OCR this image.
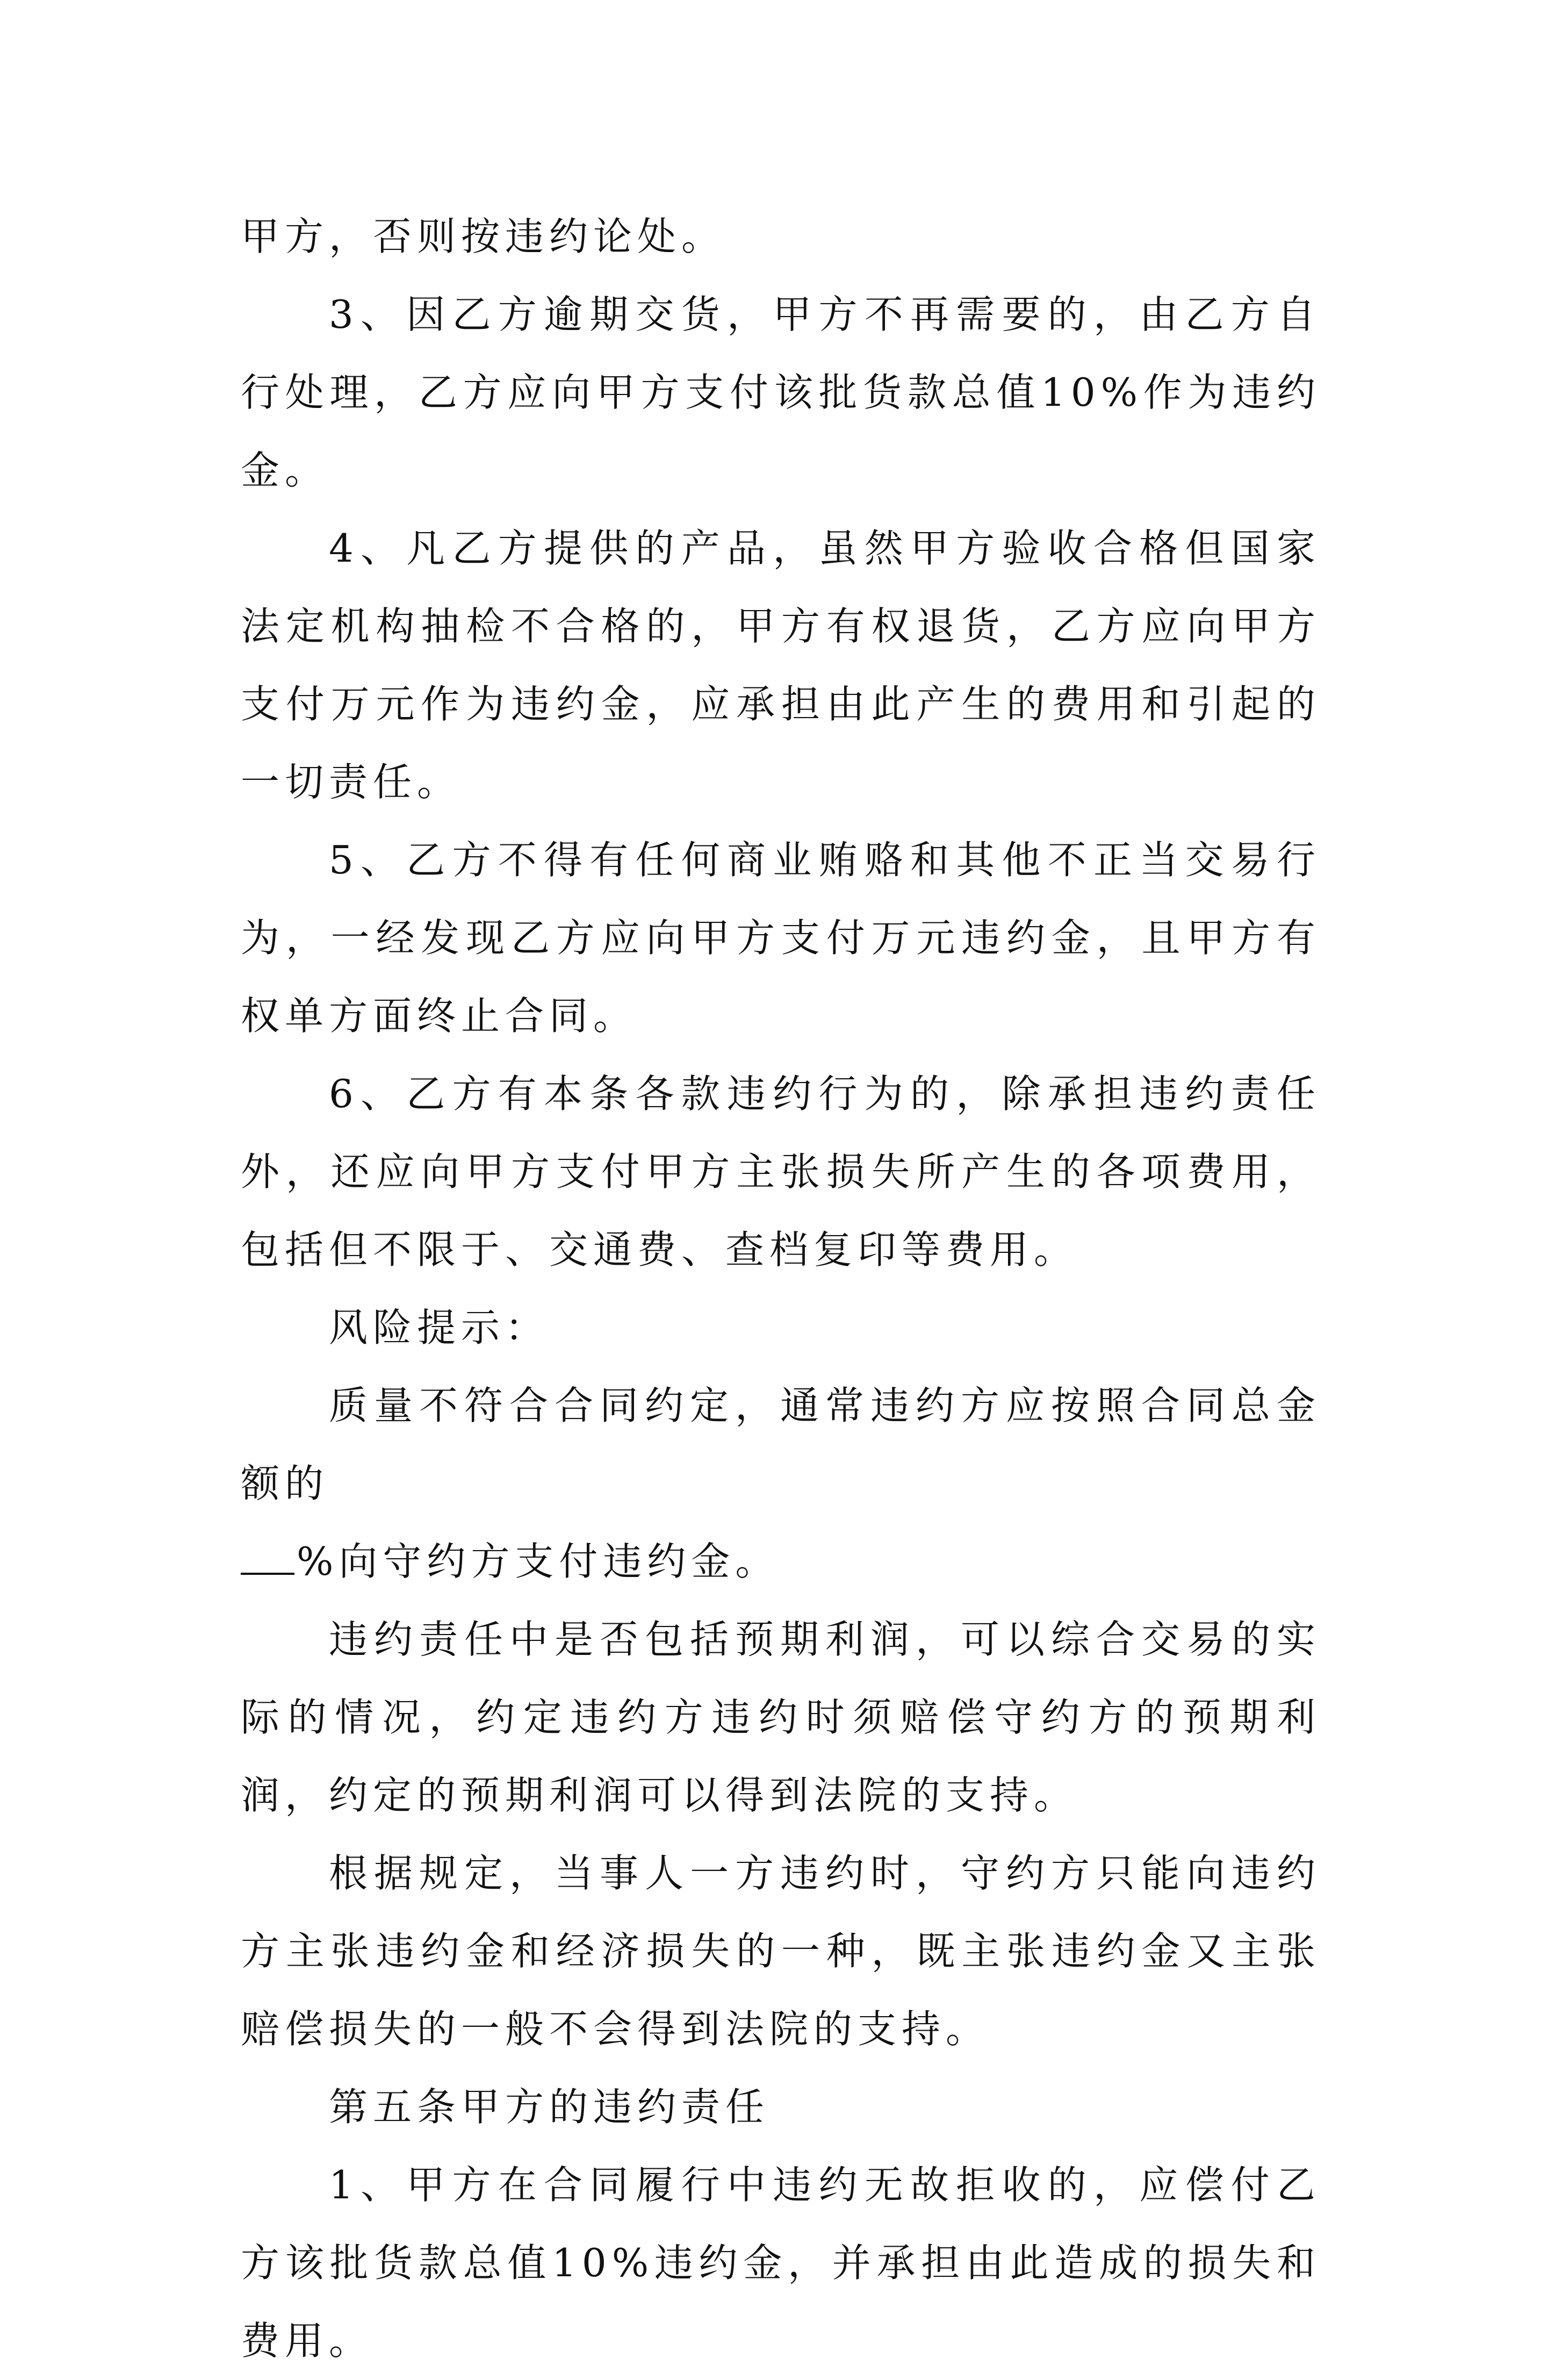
甲方，否则按违约论处。

3、因乙方逾期交货，甲方不再需要的，由乙方自行处理，乙方应向甲方支付该批货款总值10%作为违约金。

4、凡乙方提供的产品，虽然甲方验收合格但国家法定机构抽检不合格的，甲方有权退货，乙方应向甲方支付万元作为违约金，应承担由此产生的费用和引起的一切责任。

5、乙方不得有任何商业贿赂和其他不正当交易行为，一经发现乙方应向甲方支付万元违约金，且甲方有权单方面终止合同。

6、乙方有本条各款违约行为的，除承担违约责任外，还应向甲方支付甲方主张损失所产生的各项费用，包括但不限于、交通费、查档复印等费用。

风险提示：

质量不符合合同约定，通常违约方应按照合同总金额的

%向守约方支付违约金。

违约责任中是否包括预期利润，可以综合交易的实际的情况，约定违约方违约时须赔偿守约方的预期利润，约定的预期利润可以得到法院的支持。

根据规定，当事人一方违约时，守约方只能向违约方主张违约金和经济损失的一种，既主张违约金又主张赔偿损失的一般不会得到法院的支持。

第五条甲方的违约责任

1、甲方在合同履行中违约无故拒收的，应偿付乙方该批货款总值10%违约金，并承担由此造成的损失和费用。
